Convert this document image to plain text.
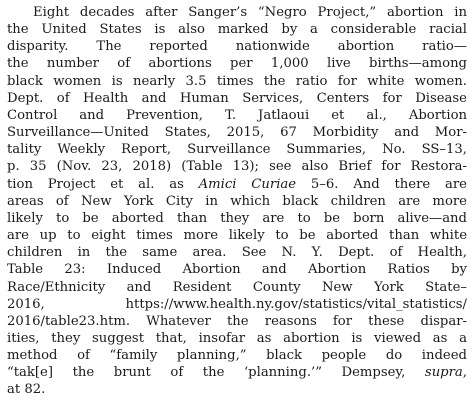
Eight decades after Sanger’s “Negro Project,” abortion in
the United States is also marked by a considerable racial
disparity. The reported nationwide abortion ratio—
the number of abortions per 1,000 live births—among
black women is nearly 3.5 times the ratio for white women.
Dept. of Health and Human Services, Centers for Disease
Control and Prevention, T. Jatlaoui et al., Abortion
Surveillance—United States, 2015, 67 Morbidity and Mor-
tality Weekly Report, Surveillance Summaries, No. SS–13,
p. 35 (Nov. 23, 2018) (Table 13); see also Brief for Restora-
tion Project et al. as Amici Curiae 5–6. And there are
areas of New York City in which black children are more
likely to be aborted than they are to be born alive—and
are up to eight times more likely to be aborted than white
children in the same area. See N. Y. Dept. of Health,
Table 23: Induced Abortion and Abortion Ratios by
Race/Ethnicity and Resident County New York State–
2016, https://www.health.ny.gov/statistics/vital_statistics/
2016/table23.htm. Whatever the reasons for these dispar-
ities, they suggest that, insofar as abortion is viewed as a
method of “family planning,” black people do indeed
“tak[e] the brunt of the ‘planning.’” Dempsey, supra,
at 82.
